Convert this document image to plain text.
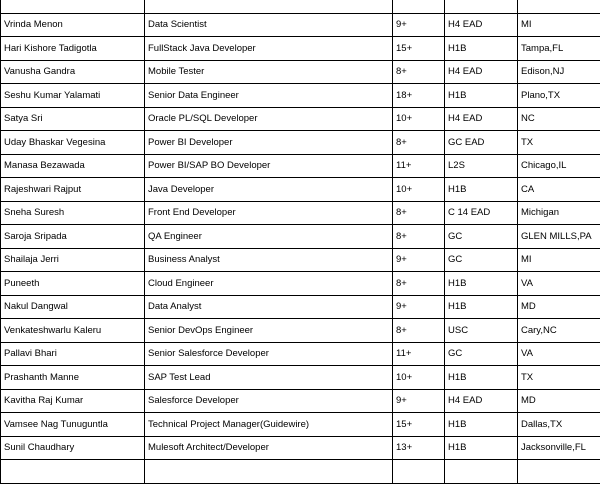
Vrinda Menon	Data Scientist	9+	H4 EAD	MI
Hari Kishore Tadigotla	FullStack Java Developer	15+	H1B	Tampa,FL
Vanusha Gandra	Mobile Tester	8+	H4 EAD	Edison,NJ
Seshu Kumar Yalamati	Senior Data Engineer	18+	H1B	Plano,TX
Satya Sri	Oracle PL/SQL Developer	10+	H4 EAD	NC
Uday Bhaskar Vegesina	Power BI Developer	8+	GC EAD	TX
Manasa Bezawada	Power BI/SAP BO Developer	11+	L2S	Chicago,IL
Rajeshwari Rajput	Java Developer	10+	H1B	CA
Sneha Suresh	Front End Developer	8+	C 14 EAD	Michigan
Saroja Sripada	QA Engineer	8+	GC	GLEN MILLS,PA
Shailaja Jerri	Business Analyst	9+	GC	MI
Puneeth	Cloud Engineer	8+	H1B	VA
Nakul Dangwal	Data Analyst	9+	H1B	MD
Venkateshwarlu Kaleru	Senior DevOps Engineer	8+	USC	Cary,NC
Pallavi Bhari	Senior Salesforce Developer	11+	GC	VA
Prashanth Manne	SAP Test Lead	10+	H1B	TX
Kavitha Raj Kumar	Salesforce Developer	9+	H4 EAD	MD
Vamsee Nag Tunuguntla	Technical Project Manager(Guidewire)	15+	H1B	Dallas,TX
Sunil Chaudhary	Mulesoft Architect/Developer	13+	H1B	Jacksonville,FL
